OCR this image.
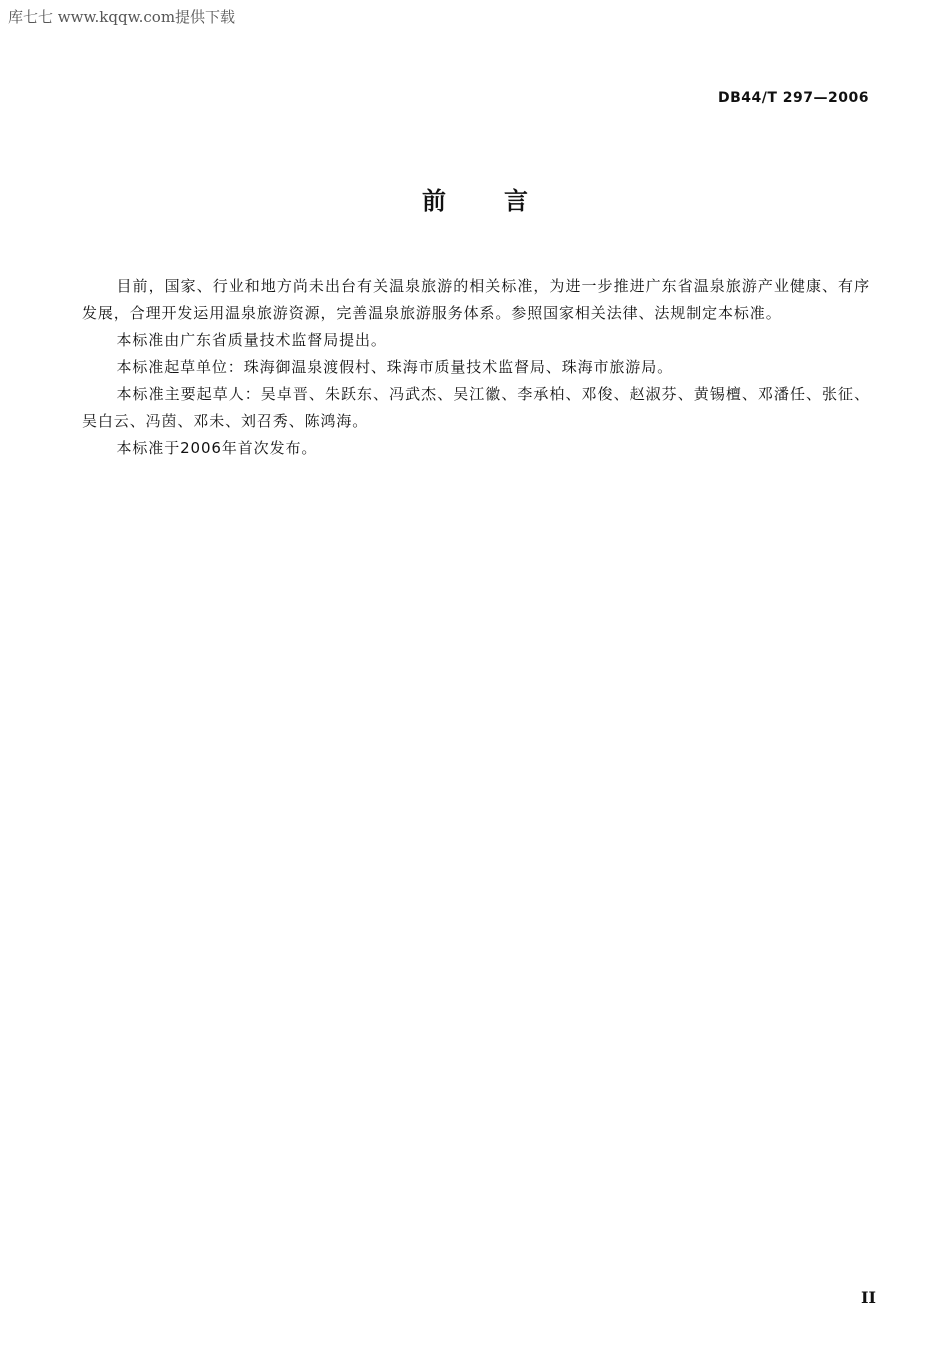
库七七 www.kqqw.com提供下载
DB44/T 297—2006
前言

目前，国家、行业和地方尚未出台有关温泉旅游的相关标准，为进一步推进广东省温泉旅游产业健康、有序发展，合理开发运用温泉旅游资源，完善温泉旅游服务体系。参照国家相关法律、法规制定本标准。

本标准由广东省质量技术监督局提出。

本标准起草单位：珠海御温泉渡假村、珠海市质量技术监督局、珠海市旅游局。

本标准主要起草人：吴卓晋、朱跃东、冯武杰、吴江徽、李承柏、邓俊、赵淑芬、黄锡檀、邓潘任、张征、吴白云、冯茵、邓未、刘召秀、陈鸿海。

本标准于2006年首次发布。

II
